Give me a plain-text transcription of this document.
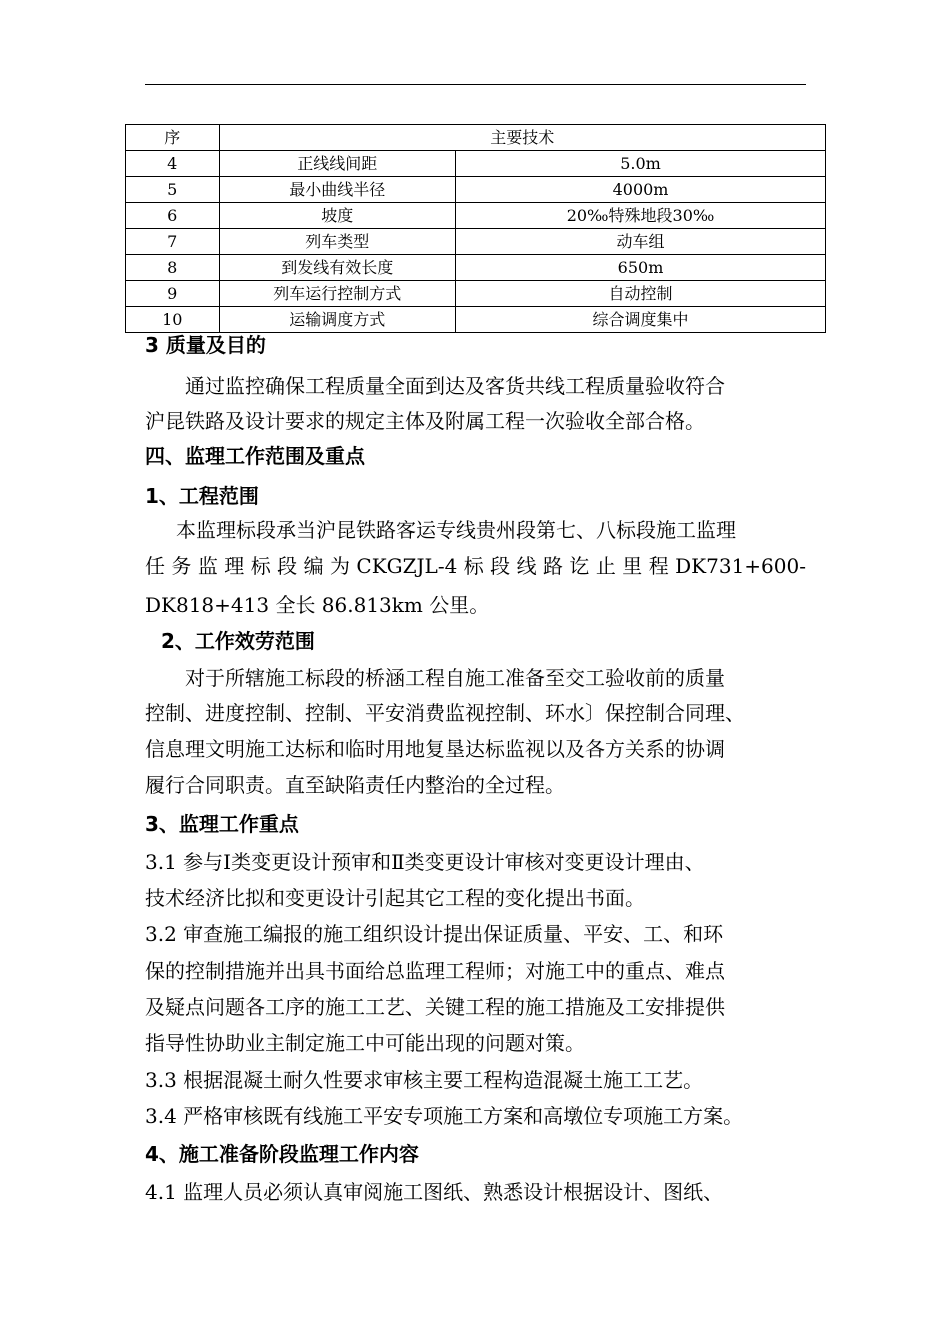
序	主要技术	
4	正线线间距	5.0m
5	最小曲线半径	4000m
6	坡度	20‰特殊地段30‰
7	列车类型	动车组
8	到发线有效长度	650m
9	列车运行控制方式	自动控制
10	运输调度方式	综合调度集中
3 质量及目的
通过监控确保工程质量全面到达及客货共线工程质量验收符合
沪昆铁路及设计要求的规定主体及附属工程一次验收全部合格。
四、监理工作范围及重点
1、工程范围
本监理标段承当沪昆铁路客运专线贵州段第七、八标段施工监理
任 务 监 理 标 段 编 为 CKGZJL-4 标 段 线 路 讫 止 里 程 DK731+600-
DK818+413 全长 86.813km 公里。
2、工作效劳范围
对于所辖施工标段的桥涵工程自施工准备至交工验收前的质量
控制、进度控制、控制、平安消费监视控制、环水〕保控制合同理、
信息理文明施工达标和临时用地复垦达标监视以及各方关系的协调
履行合同职责。直至缺陷责任内整治的全过程。
3、监理工作重点
3.1 参与Ⅰ类变更设计预审和Ⅱ类变更设计审核对变更设计理由、
技术经济比拟和变更设计引起其它工程的变化提出书面。
3.2 审查施工编报的施工组织设计提出保证质量、平安、工、和环
保的控制措施并出具书面给总监理工程师；对施工中的重点、难点
及疑点问题各工序的施工工艺、关键工程的施工措施及工安排提供
指导性协助业主制定施工中可能出现的问题对策。
3.3 根据混凝土耐久性要求审核主要工程构造混凝土施工工艺。
3.4 严格审核既有线施工平安专项施工方案和高墩位专项施工方案。
4、施工准备阶段监理工作内容
4.1 监理人员必须认真审阅施工图纸、熟悉设计根据设计、图纸、
